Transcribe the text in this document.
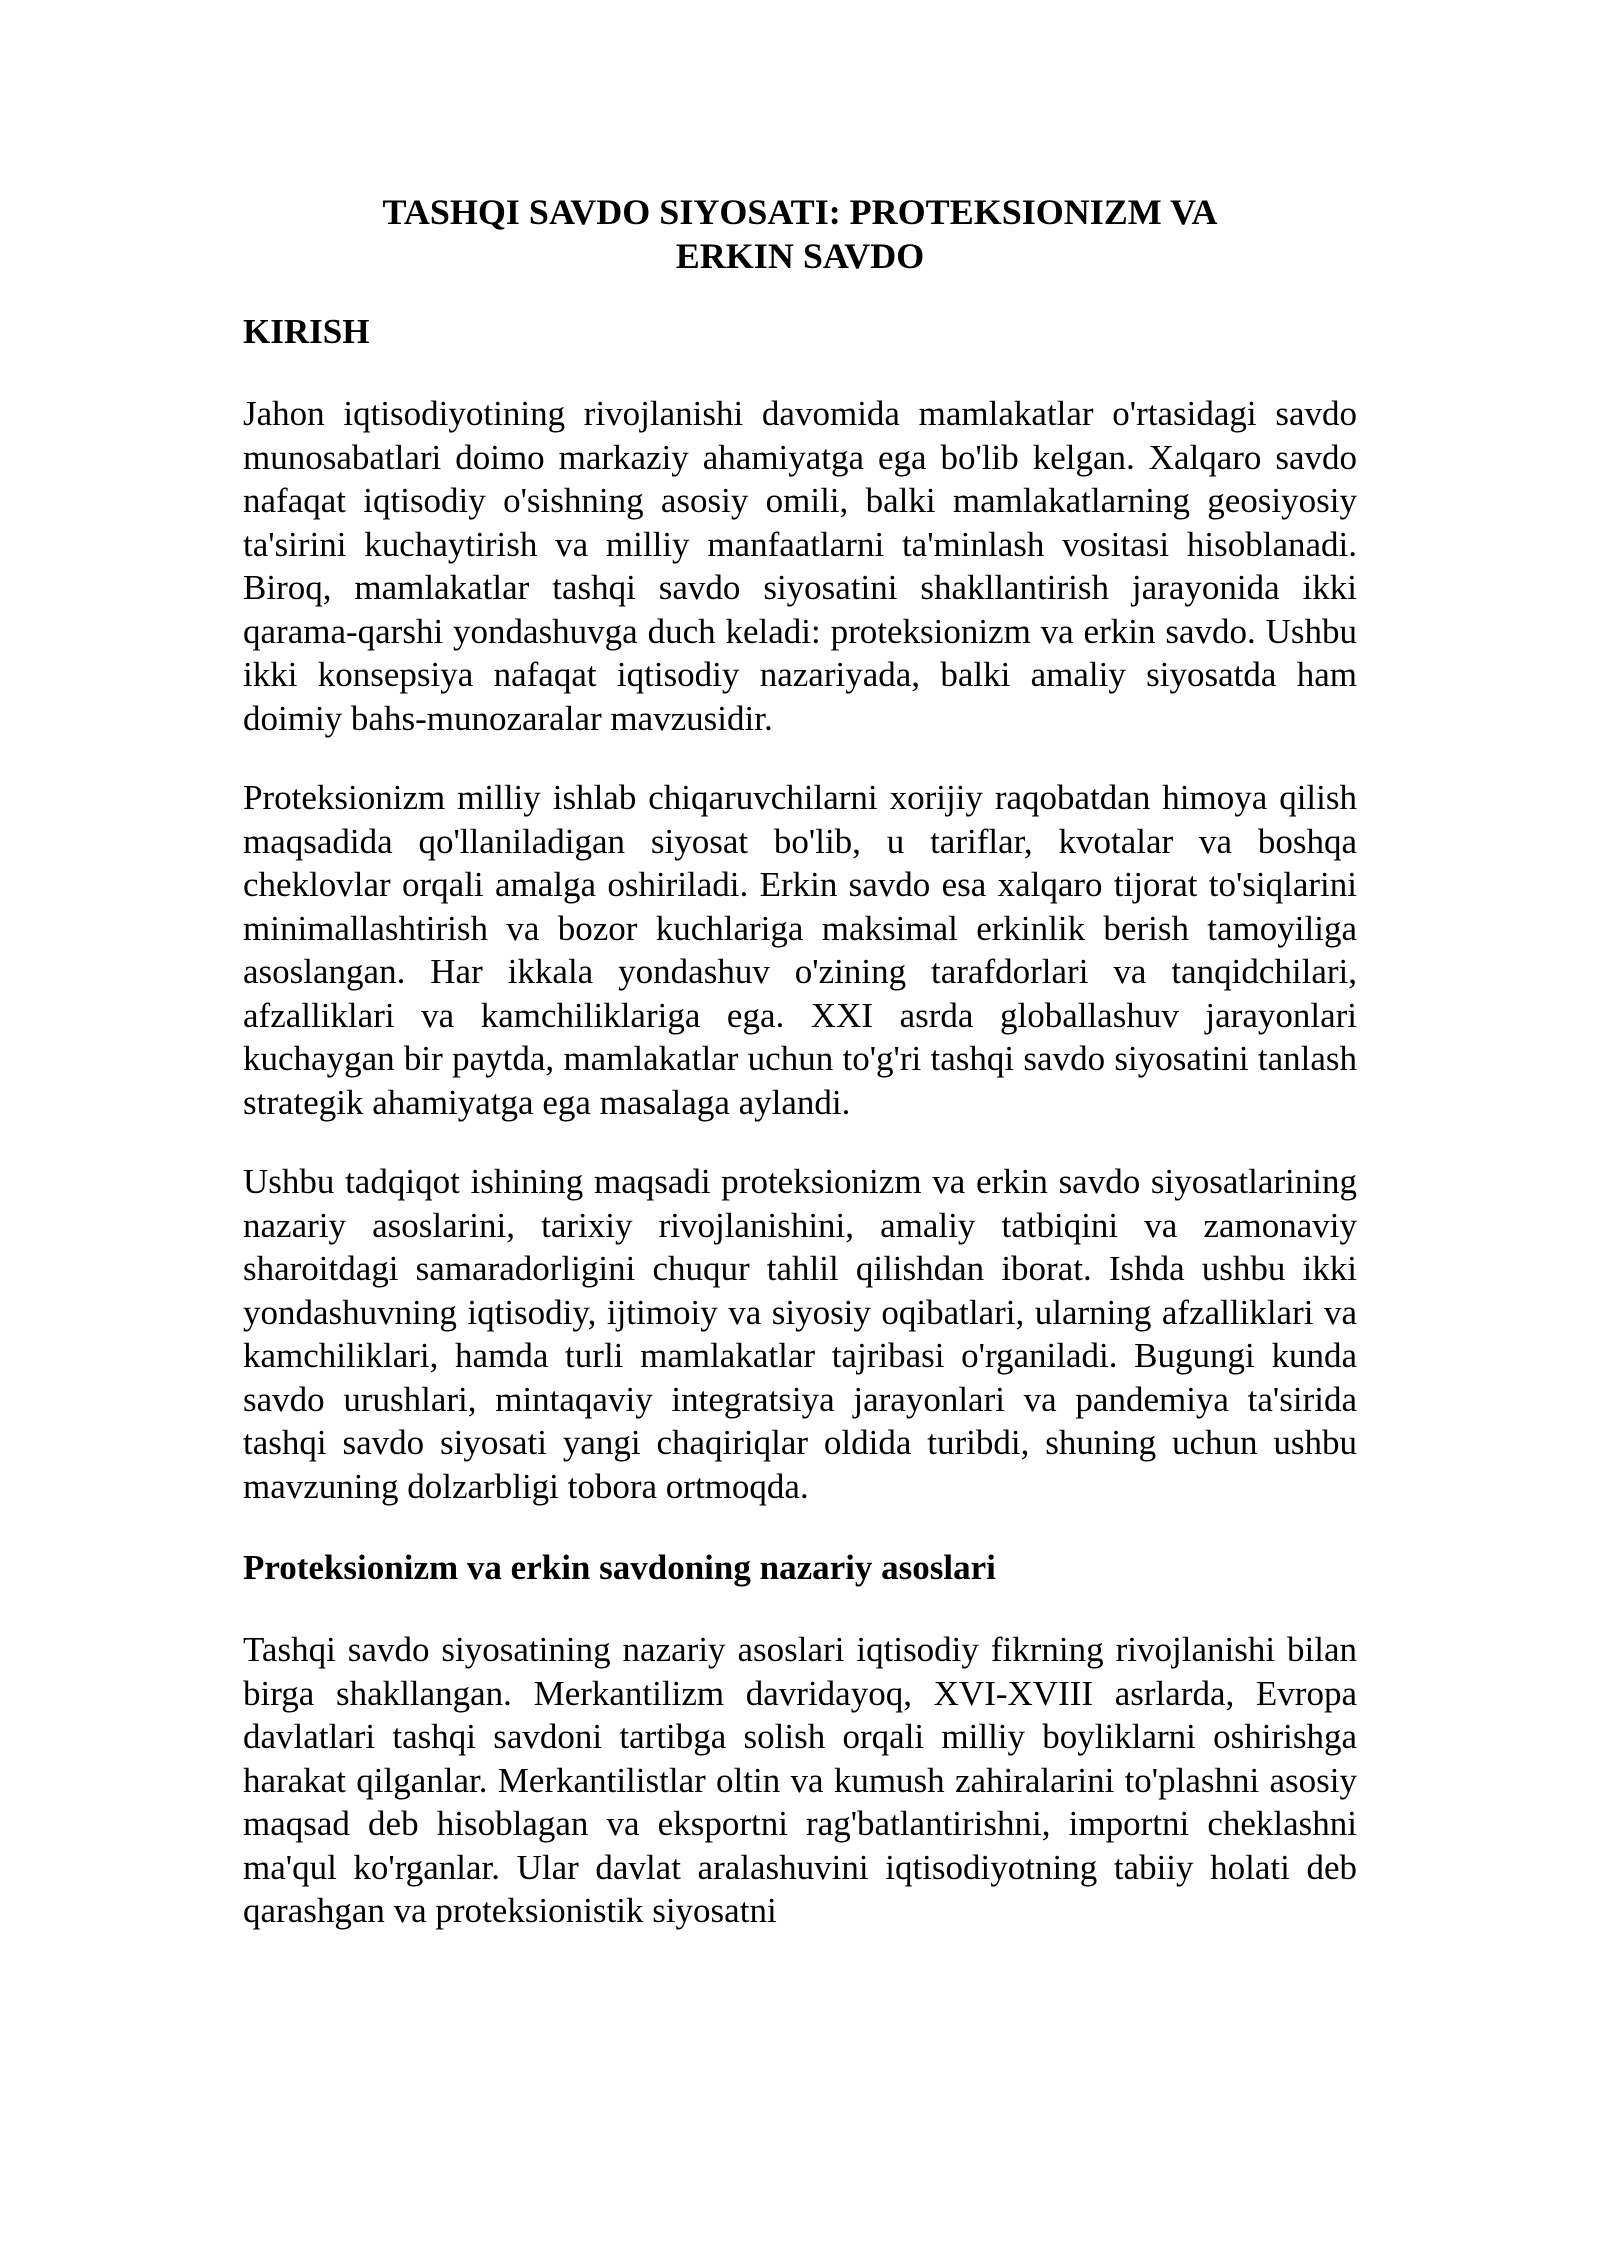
TASHQI SAVDO SIYOSATI: PROTEKSIONIZM VA ERKIN SAVDO
KIRISH

Jahon iqtisodiyotining rivojlanishi davomida mamlakatlar o'rtasidagi savdo munosabatlari doimo markaziy ahamiyatga ega bo'lib kelgan. Xalqaro savdo nafaqat iqtisodiy o'sishning asosiy omili, balki mamlakatlarning geosiyosiy ta'sirini kuchaytirish va milliy manfaatlarni ta'minlash vositasi hisoblanadi. Biroq, mamlakatlar tashqi savdo siyosatini shakllantirish jarayonida ikki qarama-qarshi yondashuvga duch keladi: proteksionizm va erkin savdo. Ushbu ikki konsepsiya nafaqat iqtisodiy nazariyada, balki amaliy siyosatda ham doimiy bahs-munozaralar mavzusidir.

Proteksionizm milliy ishlab chiqaruvchilarni xorijiy raqobatdan himoya qilish maqsadida qo'llaniladigan siyosat bo'lib, u tariflar, kvotalar va boshqa cheklovlar orqali amalga oshiriladi. Erkin savdo esa xalqaro tijorat to'siqlarini minimallashtirish va bozor kuchlariga maksimal erkinlik berish tamoyiliga asoslangan. Har ikkala yondashuv o'zining tarafdorlari va tanqidchilari, afzalliklari va kamchiliklariga ega. XXI asrda globallashuv jarayonlari kuchaygan bir paytda, mamlakatlar uchun to'g'ri tashqi savdo siyosatini tanlash strategik ahamiyatga ega masalaga aylandi.

Ushbu tadqiqot ishining maqsadi proteksionizm va erkin savdo siyosatlarining nazariy asoslarini, tarixiy rivojlanishini, amaliy tatbiqini va zamonaviy sharoitdagi samaradorligini chuqur tahlil qilishdan iborat. Ishda ushbu ikki yondashuvning iqtisodiy, ijtimoiy va siyosiy oqibatlari, ularning afzalliklari va kamchiliklari, hamda turli mamlakatlar tajribasi o'rganiladi. Bugungi kunda savdo urushlari, mintaqaviy integratsiya jarayonlari va pandemiya ta'sirida tashqi savdo siyosati yangi chaqiriqlar oldida turibdi, shuning uchun ushbu mavzuning dolzarbligi tobora ortmoqda.

Proteksionizm va erkin savdoning nazariy asoslari

Tashqi savdo siyosatining nazariy asoslari iqtisodiy fikrning rivojlanishi bilan birga shakllangan. Merkantilizm davridayoq, XVI-XVIII asrlarda, Evropa davlatlari tashqi savdoni tartibga solish orqali milliy boyliklarni oshirishga harakat qilganlar. Merkantilistlar oltin va kumush zahiralarini to'plashni asosiy maqsad deb hisoblagan va eksportni rag'batlantirishni, importni cheklashni ma'qul ko'rganlar. Ular davlat aralashuvini iqtisodiyotning tabiiy holati deb qarashgan va proteksionistik siyosatni
